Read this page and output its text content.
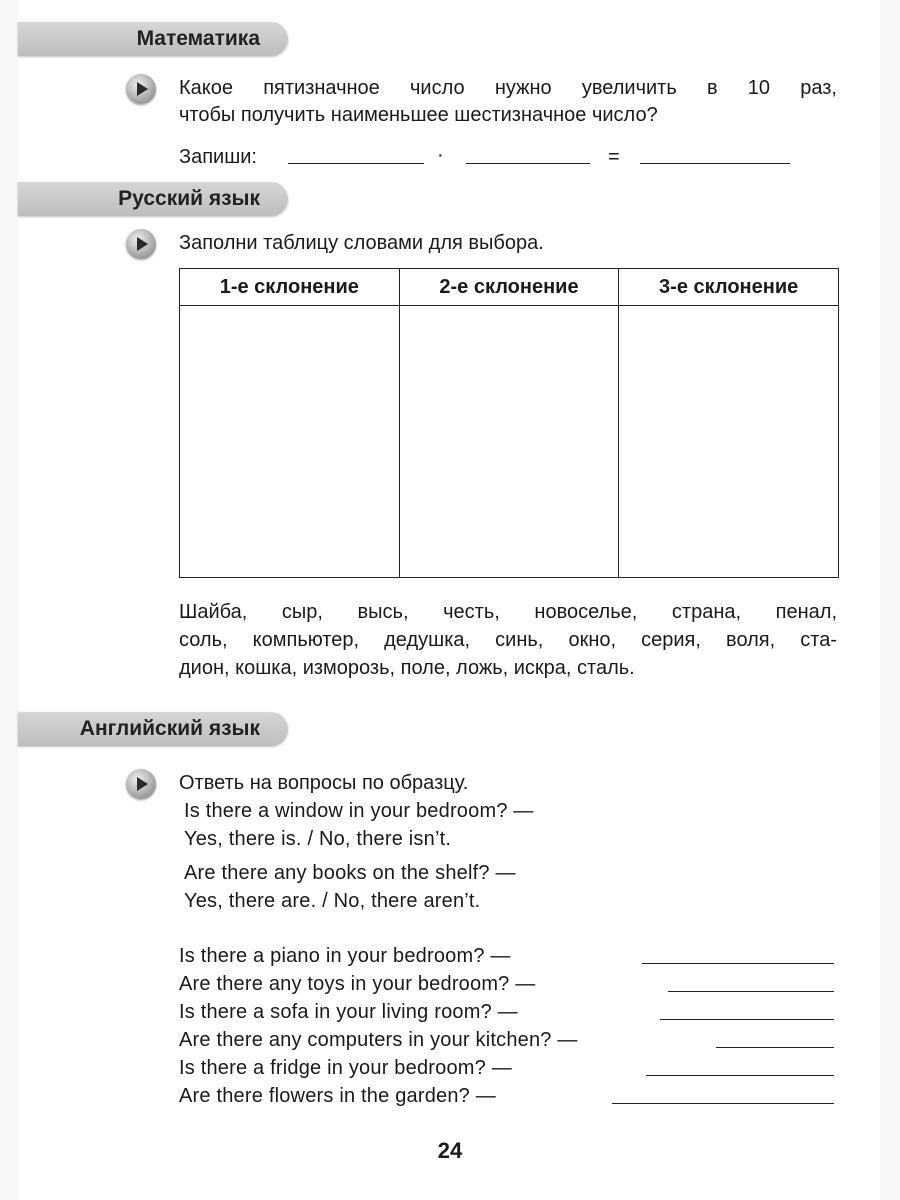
Математика
Какое пятизначное число нужно увеличить в 10 раз,
чтобы получить наименьшее шестизначное число?
Запиши:	·	=
Русский язык
Заполни таблицу словами для выбора.
1-е склонение	2-е склонение	3-е склонение

Шайба, сыр, высь, честь, новоселье, страна, пенал,
соль, компьютер, дедушка, синь, окно, серия, воля, ста-
дион, кошка, изморозь, поле, ложь, искра, сталь.
Английский язык
Ответь на вопросы по образцу.
Is there a window in your bedroom? —
Yes, there is. / No, there isn’t.
Are there any books on the shelf? —
Yes, there are. / No, there aren’t.
Is there a piano in your bedroom? —
Are there any toys in your bedroom? —
Is there a sofa in your living room? —
Are there any computers in your kitchen? —
Is there a fridge in your bedroom? —
Are there flowers in the garden? —
24
